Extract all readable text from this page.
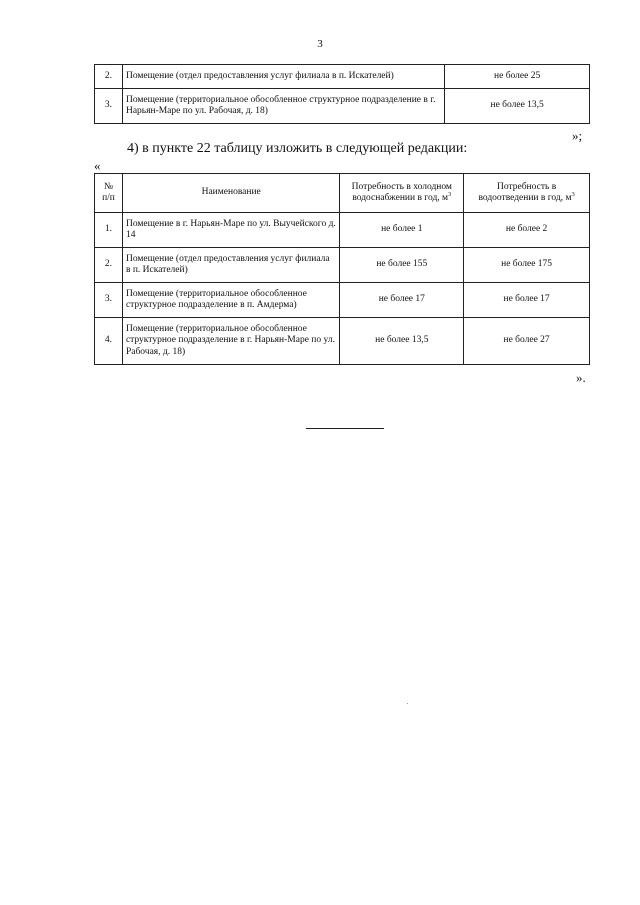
3
2.	Помещение (отдел предоставления услуг филиала в п. Искателей)	не более 25
3.	Помещение (территориальное обособленное структурное подразделение в г. Нарьян-Маре по ул. Рабочая, д. 18)	не более 13,5
»;
4) в пункте 22 таблицу изложить в следующей редакции:
«
№
п/п	Наименование	Потребность в холодном водоснабжении в год, $м^3$	Потребность в водоотведении в год, $м^3$
1.	Помещение в г. Нарьян-Маре по ул. Выучейского д. 14	не более 1	не более 2
2.	Помещение (отдел предоставления услуг филиала в п. Искателей)	не более 155	не более 175
3.	Помещение (территориальное обособленное структурное подразделение в п. Амдерма)	не более 17	не более 17
4.	Помещение (территориальное обособленное структурное подразделение в г. Нарьян-Маре по ул. Рабочая, д. 18)	не более 13,5	не более 27
».
